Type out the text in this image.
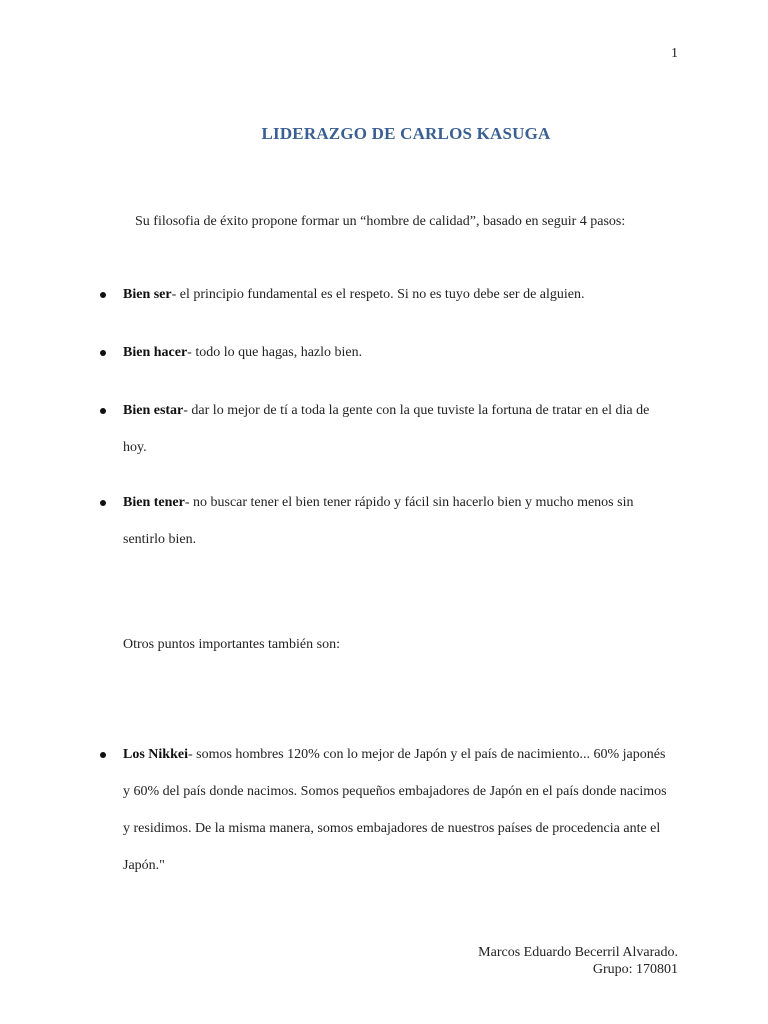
1
LIDERAZGO DE CARLOS KASUGA
Su filosofia de éxito propone formar un “hombre de calidad”, basado en seguir 4 pasos:
Bien ser- el principio fundamental es el respeto. Si no es tuyo debe ser de alguien.
Bien hacer- todo lo que hagas, hazlo bien.
Bien estar- dar lo mejor de tí a toda la gente con la que tuviste la fortuna de tratar en el dia de hoy.
Bien tener- no buscar tener el bien tener rápido y fácil sin hacerlo bien y mucho menos sin sentirlo bien.
Otros puntos importantes también son:
Los Nikkei- somos hombres 120% con lo mejor de Japón y el país de nacimiento... 60% japonés y 60% del país donde nacimos. Somos pequeños embajadores de Japón en el país donde nacimos y residimos. De la misma manera, somos embajadores de nuestros países de procedencia ante el Japón."
Marcos Eduardo Becerril Alvarado.
Grupo: 170801
